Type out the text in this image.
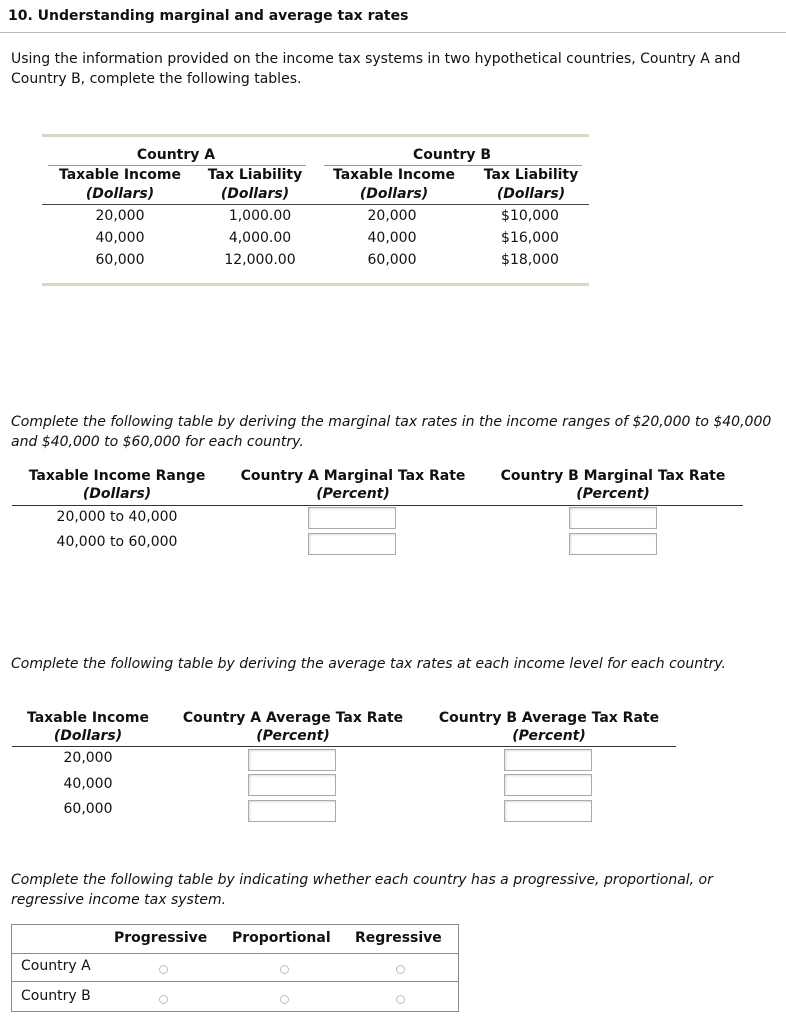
10. Understanding marginal and average tax rates
Using the information provided on the income tax systems in two hypothetical countries, Country A and Country B, complete the following tables.
Country A	Country B
Taxable Income	Tax Liability	Taxable Income	Tax Liability
(Dollars)	(Dollars)	(Dollars)	(Dollars)
20,000	1,000.00	20,000	$10,000
40,000	4,000.00	40,000	$16,000
60,000	12,000.00	60,000	$18,000
Complete the following table by deriving the marginal tax rates in the income ranges of $20,000 to $40,000 and $40,000 to $60,000 for each country.
Taxable Income Range	Country A Marginal Tax Rate	Country B Marginal Tax Rate
(Dollars)	(Percent)	(Percent)
20,000 to 40,000
40,000 to 60,000
Complete the following table by deriving the average tax rates at each income level for each country.
Taxable Income	Country A Average Tax Rate	Country B Average Tax Rate
(Dollars)	(Percent)	(Percent)
20,000
40,000
60,000
Complete the following table by indicating whether each country has a progressive, proportional, or regressive income tax system.
Progressive Proportional Regressive
Country A
Country B
